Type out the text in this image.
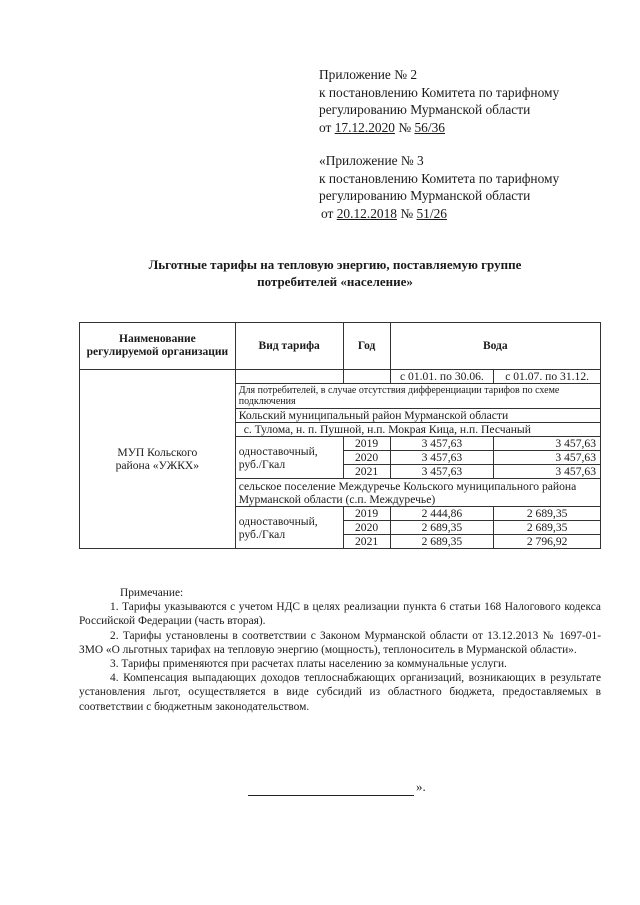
Приложение № 2
к постановлению Комитета по тарифному
регулированию Мурманской области
от 17.12.2020 № 56/36
«Приложение № 3
к постановлению Комитета по тарифному
регулированию Мурманской области
от 20.12.2018 № 51/26
Льготные тарифы на тепловую энергию, поставляемую группе
потребителей «население»
Наименование регулируемой организации	Вид тарифа	Год	Вода	
МУП Кольского района «УЖКХ»			с 01.01. по 30.06.	с 01.07. по 31.12.
	Для потребителей, в случае отсутствия дифференциации тарифов по схеме подключения			
	Кольский муниципальный район Мурманской области			
	с. Тулома, н. п. Пушной, н.п. Мокрая Кица, н.п. Песчаный			
	одноставочный, руб./Гкал	2019	3 457,63	3 457,63
		2020	3 457,63	3 457,63
		2021	3 457,63	3 457,63
	сельское поселение Междуречье Кольского муниципального района Мурманской области (с.п. Междуречье)			
	одноставочный, руб./Гкал	2019	2 444,86	2 689,35
		2020	2 689,35	2 689,35
		2021	2 689,35	2 796,92

Примечание:

1. Тарифы указываются с учетом НДС в целях реализации пункта 6 статьи 168 Налогового кодекса Российской Федерации (часть вторая).

2. Тарифы установлены в соответствии с Законом Мурманской области от 13.12.2013 № 1697-01-ЗМО «О льготных тарифах на тепловую энергию (мощность), теплоноситель в Мурманской области».

3. Тарифы применяются при расчетах платы населению за коммунальные услуги.

4. Компенсация выпадающих доходов теплоснабжающих организаций, возникающих в результате установления льгот, осуществляется в виде субсидий из областного бюджета, предоставляемых в соответствии с бюджетным законодательством.

».
